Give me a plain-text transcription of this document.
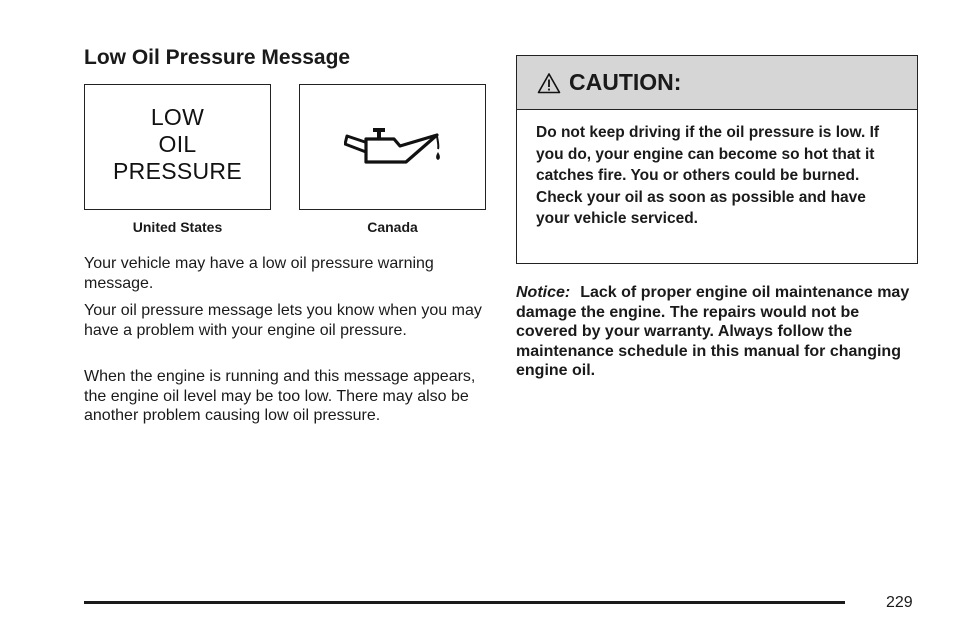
Low Oil Pressure Message
LOW
OIL
PRESSURE
United States	Canada
Your vehicle may have a low oil pressure warning message.
Your oil pressure message lets you know when you may have a problem with your engine oil pressure.
When the engine is running and this message appears, the engine oil level may be too low. There may also be another problem causing low oil pressure.
CAUTION:
Do not keep driving if the oil pressure is low. If you do, your engine can become so hot that it catches fire. You or others could be burned. Check your oil as soon as possible and have your vehicle serviced.
Notice: Lack of proper engine oil maintenance may damage the engine. The repairs would not be covered by your warranty. Always follow the maintenance schedule in this manual for changing engine oil.
229
